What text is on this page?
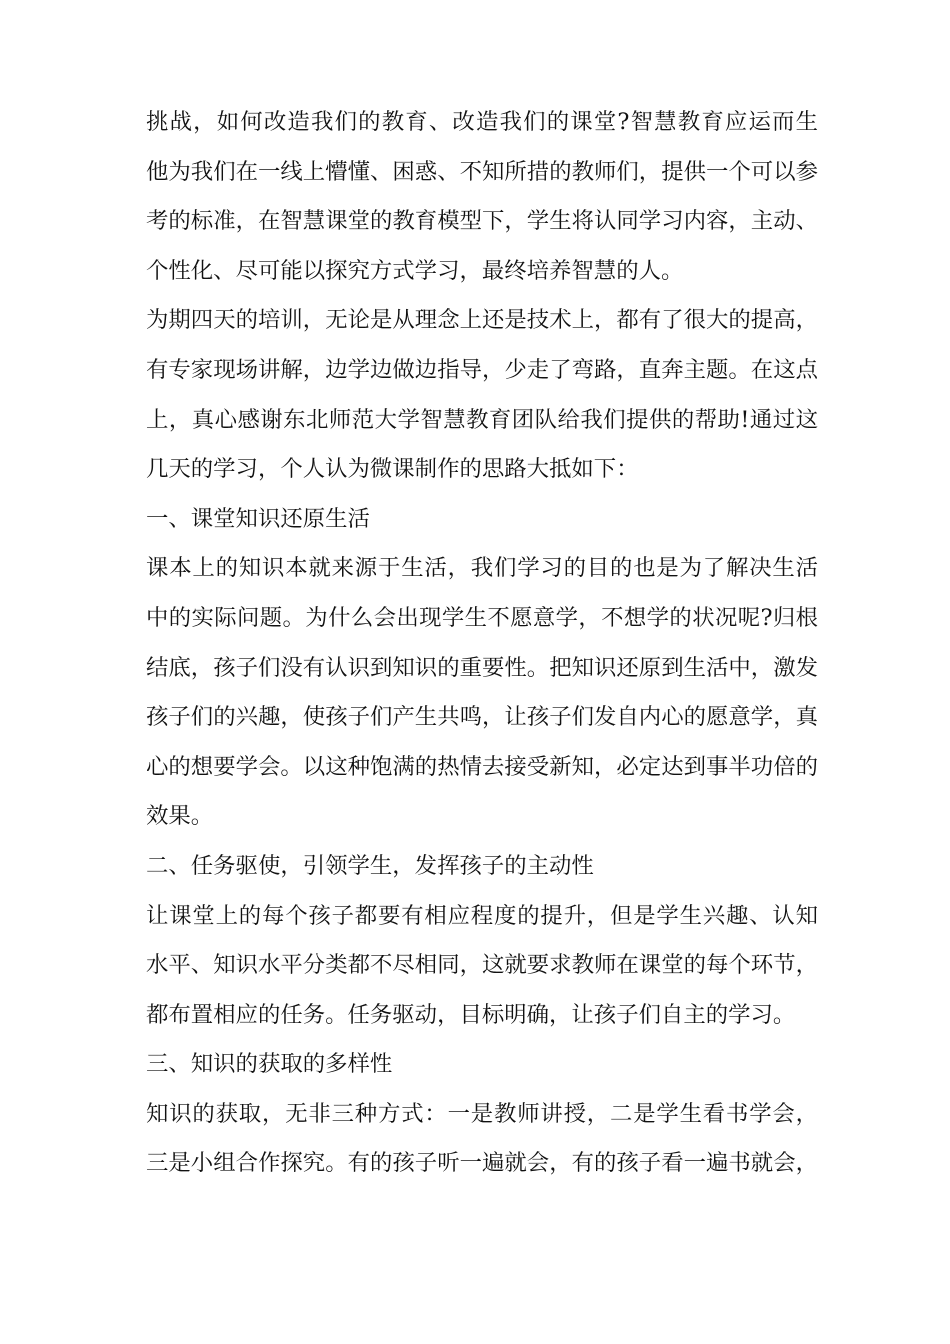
挑战，如何改造我们的教育、改造我们的课堂?智慧教育应运而生
他为我们在一线上懵懂、困惑、不知所措的教师们，提供一个可以参
考的标准，在智慧课堂的教育模型下，学生将认同学习内容，主动、
个性化、尽可能以探究方式学习，最终培养智慧的人。
为期四天的培训，无论是从理念上还是技术上，都有了很大的提高，
有专家现场讲解，边学边做边指导，少走了弯路，直奔主题。在这点
上，真心感谢东北师范大学智慧教育团队给我们提供的帮助!通过这
几天的学习，个人认为微课制作的思路大抵如下：
一、课堂知识还原生活
课本上的知识本就来源于生活，我们学习的目的也是为了解决生活
中的实际问题。为什么会出现学生不愿意学，不想学的状况呢?归根
结底，孩子们没有认识到知识的重要性。把知识还原到生活中，激发
孩子们的兴趣，使孩子们产生共鸣，让孩子们发自内心的愿意学，真
心的想要学会。以这种饱满的热情去接受新知，必定达到事半功倍的
效果。
二、任务驱使，引领学生，发挥孩子的主动性
让课堂上的每个孩子都要有相应程度的提升，但是学生兴趣、认知
水平、知识水平分类都不尽相同，这就要求教师在课堂的每个环节，
都布置相应的任务。任务驱动，目标明确，让孩子们自主的学习。
三、知识的获取的多样性
知识的获取，无非三种方式：一是教师讲授，二是学生看书学会，
三是小组合作探究。有的孩子听一遍就会，有的孩子看一遍书就会，
